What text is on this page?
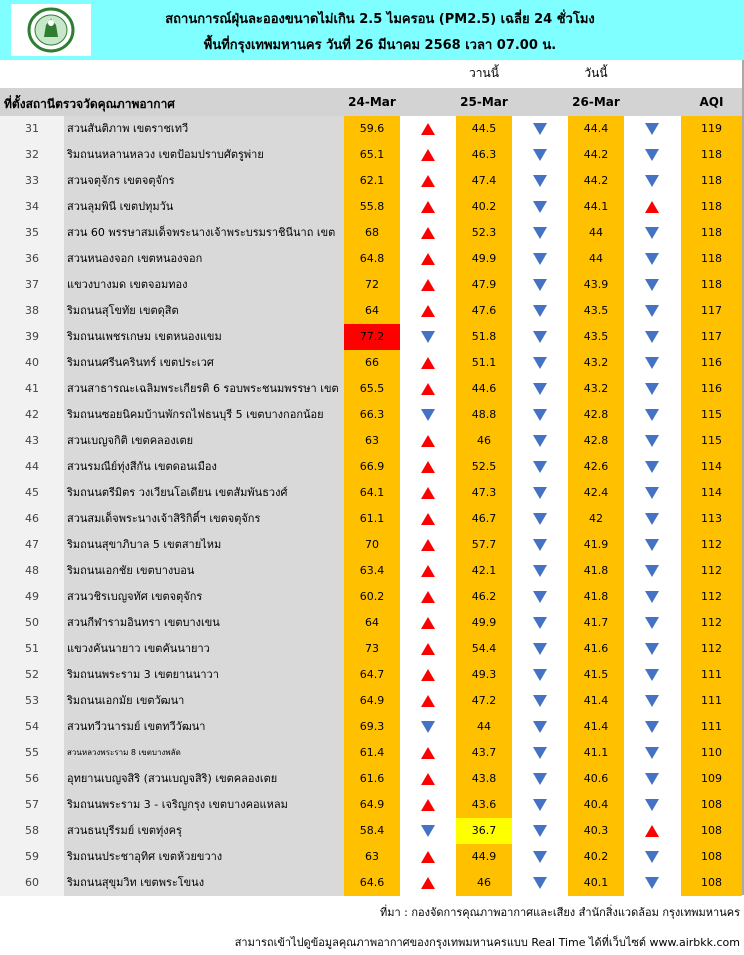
สถานการณ์ฝุ่นละอองขนาดไม่เกิน 2.5 ไมครอน (PM2.5) เฉลี่ย 24 ชั่วโมง
พื้นที่กรุงเทพมหานคร วันที่ 26 มีนาคม 2568 เวลา 07.00 น.
วานนี้	วันนี้
ที่ตั้งสถานีตรวจวัดคุณภาพอากาศ	24-Mar	25-Mar	26-Mar	AQI
31	สวนสันติภาพ เขตราชเทวี	59.6	44.5	44.4	119
32	ริมถนนหลานหลวง เขตป้อมปราบศัตรูพ่าย	65.1	46.3	44.2	118
33	สวนจตุจักร เขตจตุจักร	62.1	47.4	44.2	118
34	สวนลุมพินี เขตปทุมวัน	55.8	40.2	44.1	118
35	สวน 60 พรรษาสมเด็จพระนางเจ้าพระบรมราชินีนาถ เขต	68	52.3	44	118
36	สวนหนองจอก เขตหนองจอก	64.8	49.9	44	118
37	แขวงบางมด เขตจอมทอง	72	47.9	43.9	118
38	ริมถนนสุโขทัย เขตดุสิต	64	47.6	43.5	117
39	ริมถนนเพชรเกษม เขตหนองแขม	77.2	51.8	43.5	117
40	ริมถนนศรีนครินทร์ เขตประเวศ	66	51.1	43.2	116
41	สวนสาธารณะเฉลิมพระเกียรติ 6 รอบพระชนมพรรษา เขต	65.5	44.6	43.2	116
42	ริมถนนซอยนิคมบ้านพักรถไฟธนบุรี 5 เขตบางกอกน้อย	66.3	48.8	42.8	115
43	สวนเบญจกิติ เขตคลองเตย	63	46	42.8	115
44	สวนรมณีย์ทุ่งสีกัน เขตดอนเมือง	66.9	52.5	42.6	114
45	ริมถนนตรีมิตร วงเวียนโอเดียน เขตสัมพันธวงศ์	64.1	47.3	42.4	114
46	สวนสมเด็จพระนางเจ้าสิริกิติ์ฯ เขตจตุจักร	61.1	46.7	42	113
47	ริมถนนสุขาภิบาล 5 เขตสายไหม	70	57.7	41.9	112
48	ริมถนนเอกชัย เขตบางบอน	63.4	42.1	41.8	112
49	สวนวชิรเบญจทัศ เขตจตุจักร	60.2	46.2	41.8	112
50	สวนกีฬารามอินทรา เขตบางเขน	64	49.9	41.7	112
51	แขวงคันนายาว เขตคันนายาว	73	54.4	41.6	112
52	ริมถนนพระราม 3 เขตยานนาวา	64.7	49.3	41.5	111
53	ริมถนนเอกมัย เขตวัฒนา	64.9	47.2	41.4	111
54	สวนทวีวนารมย์ เขตทวีวัฒนา	69.3	44	41.4	111
55	สวนหลวงพระราม 8 เขตบางพลัด	61.4	43.7	41.1	110
56	อุทยานเบญจสิริ (สวนเบญจสิริ) เขตคลองเตย	61.6	43.8	40.6	109
57	ริมถนนพระราม 3 - เจริญกรุง เขตบางคอแหลม	64.9	43.6	40.4	108
58	สวนธนบุรีรมย์ เขตทุ่งครุ	58.4	36.7	40.3	108
59	ริมถนนประชาอุทิศ เขตห้วยขวาง	63	44.9	40.2	108
60	ริมถนนสุขุมวิท เขตพระโขนง	64.6	46	40.1	108
ที่มา : กองจัดการคุณภาพอากาศและเสียง สำนักสิ่งแวดล้อม กรุงเทพมหานคร
สามารถเข้าไปดูข้อมูลคุณภาพอากาศของกรุงเทพมหานครแบบ Real Time ได้ที่เว็บไซต์ www.airbkk.com
